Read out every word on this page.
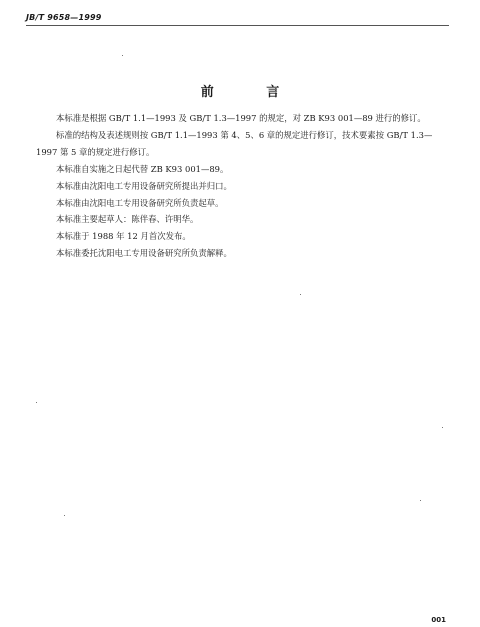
JB/T 9658—1999
前 言
本标准是根据 GB/T 1.1—1993 及 GB/T 1.3—1997 的规定，对 ZB K93 001—89 进行的修订。
标准的结构及表述规则按 GB/T 1.1—1993 第 4、5、6 章的规定进行修订，技术要素按 GB/T 1.3—
1997 第 5 章的规定进行修订。
本标准自实施之日起代替 ZB K93 001—89。
本标准由沈阳电工专用设备研究所提出并归口。
本标准由沈阳电工专用设备研究所负责起草。
本标准主要起草人：陈伴春、许明华。
本标准于 1988 年 12 月首次发布。
本标准委托沈阳电工专用设备研究所负责解释。
001
